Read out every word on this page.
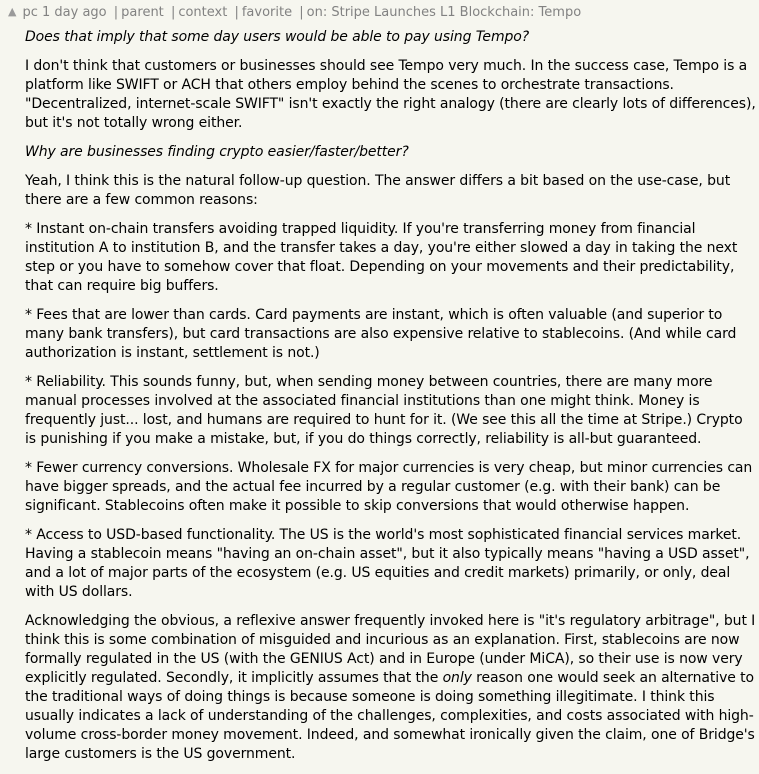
▲ pc 1 day ago | parent | context | favorite | on: Stripe Launches L1 Blockchain: Tempo

Does that imply that some day users would be able to pay using Tempo?

I don't think that customers or businesses should see Tempo very much. In the success case, Tempo is a platform like SWIFT or ACH that others employ behind the scenes to orchestrate transactions. "Decentralized, internet-scale SWIFT" isn't exactly the right analogy (there are clearly lots of differences), but it's not totally wrong either.

Why are businesses finding crypto easier/faster/better?

Yeah, I think this is the natural follow-up question. The answer differs a bit based on the use-case, but there are a few common reasons:

* Instant on-chain transfers avoiding trapped liquidity. If you're transferring money from financial institution A to institution B, and the transfer takes a day, you're either slowed a day in taking the next step or you have to somehow cover that float. Depending on your movements and their predictability, that can require big buffers.

* Fees that are lower than cards. Card payments are instant, which is often valuable (and superior to many bank transfers), but card transactions are also expensive relative to stablecoins. (And while card authorization is instant, settlement is not.)

* Reliability. This sounds funny, but, when sending money between countries, there are many more manual processes involved at the associated financial institutions than one might think. Money is frequently just... lost, and humans are required to hunt for it. (We see this all the time at Stripe.) Crypto is punishing if you make a mistake, but, if you do things correctly, reliability is all-but guaranteed.

* Fewer currency conversions. Wholesale FX for major currencies is very cheap, but minor currencies can have bigger spreads, and the actual fee incurred by a regular customer (e.g. with their bank) can be significant. Stablecoins often make it possible to skip conversions that would otherwise happen.

* Access to USD-based functionality. The US is the world's most sophisticated financial services market. Having a stablecoin means "having an on-chain asset", but it also typically means "having a USD asset", and a lot of major parts of the ecosystem (e.g. US equities and credit markets) primarily, or only, deal with US dollars.

Acknowledging the obvious, a reflexive answer frequently invoked here is "it's regulatory arbitrage", but I think this is some combination of misguided and incurious as an explanation. First, stablecoins are now formally regulated in the US (with the GENIUS Act) and in Europe (under MiCA), so their use is now very explicitly regulated. Secondly, it implicitly assumes that the only reason one would seek an alternative to the traditional ways of doing things is because someone is doing something illegitimate. I think this usually indicates a lack of understanding of the challenges, complexities, and costs associated with high-volume cross-border money movement. Indeed, and somewhat ironically given the claim, one of Bridge's large customers is the US government.
